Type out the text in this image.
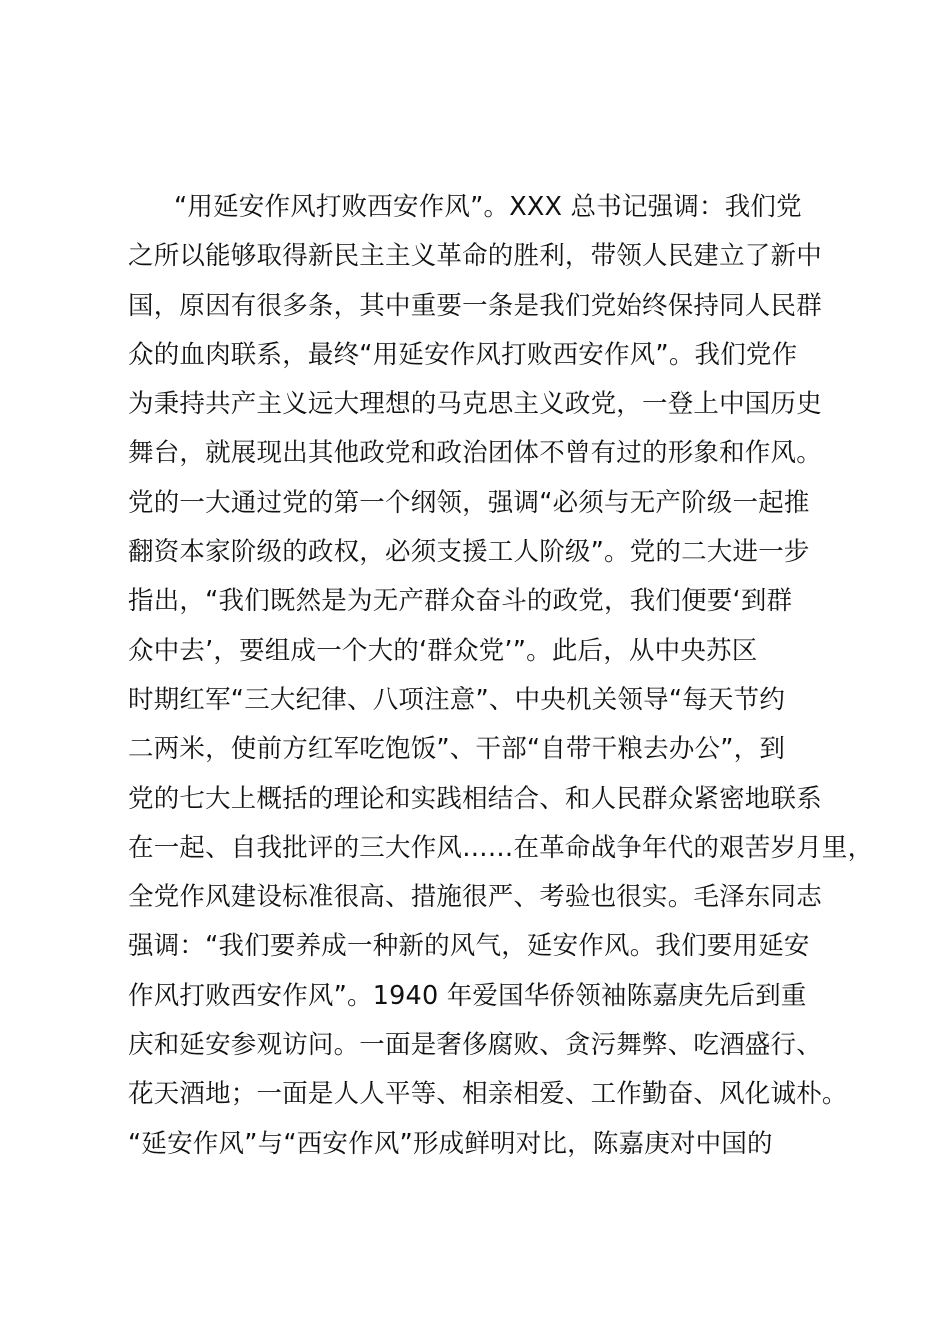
“用延安作风打败西安作风”。XXX 总书记强调：我们党
之所以能够取得新民主主义革命的胜利，带领人民建立了新中
国，原因有很多条，其中重要一条是我们党始终保持同人民群
众的血肉联系，最终“用延安作风打败西安作风”。我们党作
为秉持共产主义远大理想的马克思主义政党，一登上中国历史
舞台，就展现出其他政党和政治团体不曾有过的形象和作风。
党的一大通过党的第一个纲领，强调“必须与无产阶级一起推
翻资本家阶级的政权，必须支援工人阶级”。党的二大进一步
指出，“我们既然是为无产群众奋斗的政党，我们便要‘到群
众中去’，要组成一个大的‘群众党’”。此后，从中央苏区
时期红军“三大纪律、八项注意”、中央机关领导“每天节约
二两米，使前方红军吃饱饭”、干部“自带干粮去办公”，到
党的七大上概括的理论和实践相结合、和人民群众紧密地联系
在一起、自我批评的三大作风……在革命战争年代的艰苦岁月里，
全党作风建设标准很高、措施很严、考验也很实。毛泽东同志
强调：“我们要养成一种新的风气，延安作风。我们要用延安
作风打败西安作风”。1940 年爱国华侨领袖陈嘉庚先后到重
庆和延安参观访问。一面是奢侈腐败、贪污舞弊、吃酒盛行、
花天酒地；一面是人人平等、相亲相爱、工作勤奋、风化诚朴。
“延安作风”与“西安作风”形成鲜明对比，陈嘉庚对中国的
